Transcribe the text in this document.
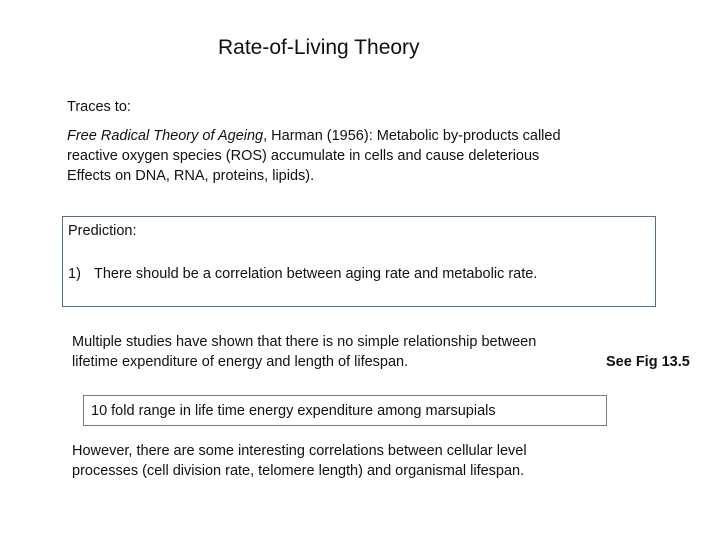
Rate-of-Living Theory
Traces to:
Free Radical Theory of Ageing, Harman (1956): Metabolic by-products called
reactive oxygen species (ROS) accumulate in cells and cause deleterious
Effects on DNA, RNA, proteins, lipids).
Prediction:
1) There should be a correlation between aging rate and metabolic rate.
Multiple studies have shown that there is no simple relationship between
lifetime expenditure of energy and length of lifespan.	See Fig 13.5
10 fold range in life time energy expenditure among marsupials
However, there are some interesting correlations between cellular level
processes (cell division rate, telomere length) and organismal lifespan.
